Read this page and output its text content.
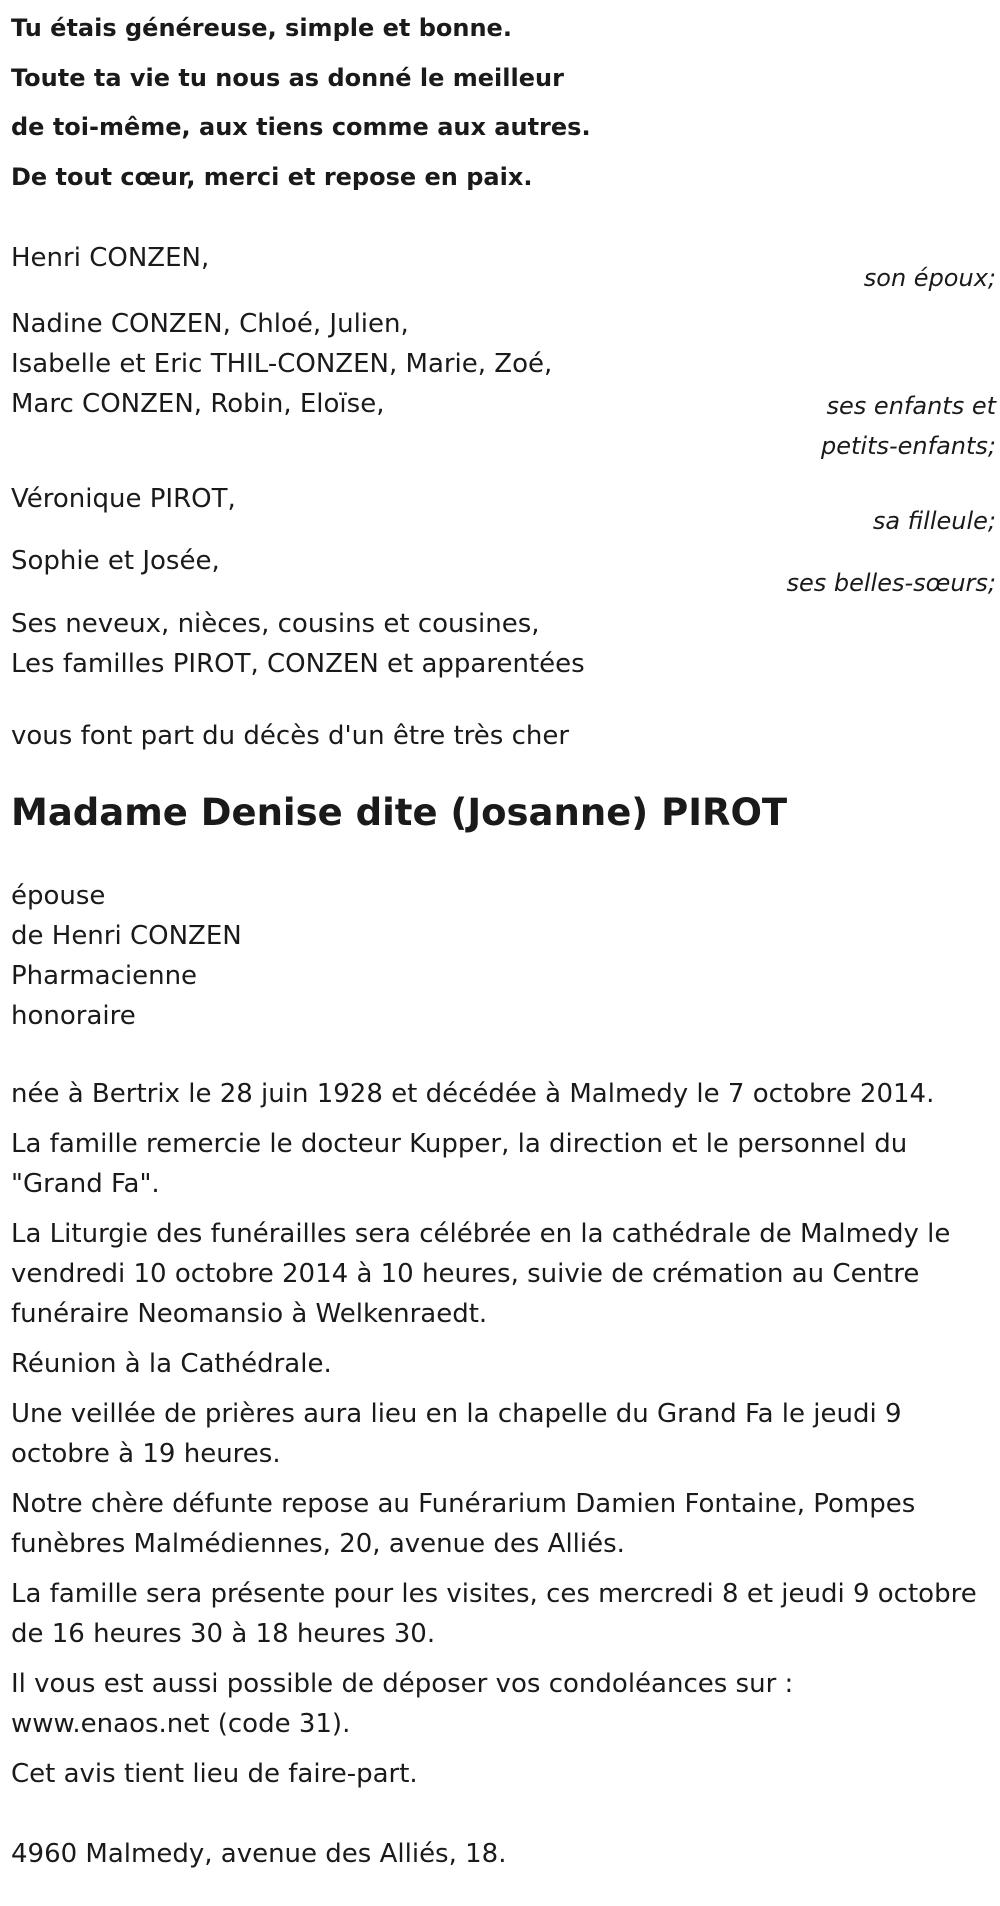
Tu étais généreuse, simple et bonne.
Toute ta vie tu nous as donné le meilleur
de toi-même, aux tiens comme aux autres.
De tout cœur, merci et repose en paix.
Henri CONZEN,
son époux;
Nadine CONZEN, Chloé, Julien,
Isabelle et Eric THIL-CONZEN, Marie, Zoé,
Marc CONZEN, Robin, Eloïse,	ses enfants et
petits-enfants;
Véronique PIROT,
sa filleule;
Sophie et Josée,
ses belles-sœurs;
Ses neveux, nièces, cousins et cousines,
Les familles PIROT, CONZEN et apparentées
vous font part du décès d'un être très cher
Madame Denise dite (Josanne) PIROT
épouse
de Henri CONZEN
Pharmacienne
honoraire
née à Bertrix le 28 juin 1928 et décédée à Malmedy le 7 octobre 2014.
La famille remercie le docteur Kupper, la direction et le personnel du "Grand Fa".
La Liturgie des funérailles sera célébrée en la cathédrale de Malmedy le vendredi 10 octobre 2014 à 10 heures, suivie de crémation au Centre funéraire Neomansio à Welkenraedt.
Réunion à la Cathédrale.
Une veillée de prières aura lieu en la chapelle du Grand Fa le jeudi 9 octobre à 19 heures.
Notre chère défunte repose au Funérarium Damien Fontaine, Pompes funèbres Malmédiennes, 20, avenue des Alliés.
La famille sera présente pour les visites, ces mercredi 8 et jeudi 9 octobre de 16 heures 30 à 18 heures 30.
Il vous est aussi possible de déposer vos condoléances sur : www.enaos.net (code 31).
Cet avis tient lieu de faire-part.
4960 Malmedy, avenue des Alliés, 18.
